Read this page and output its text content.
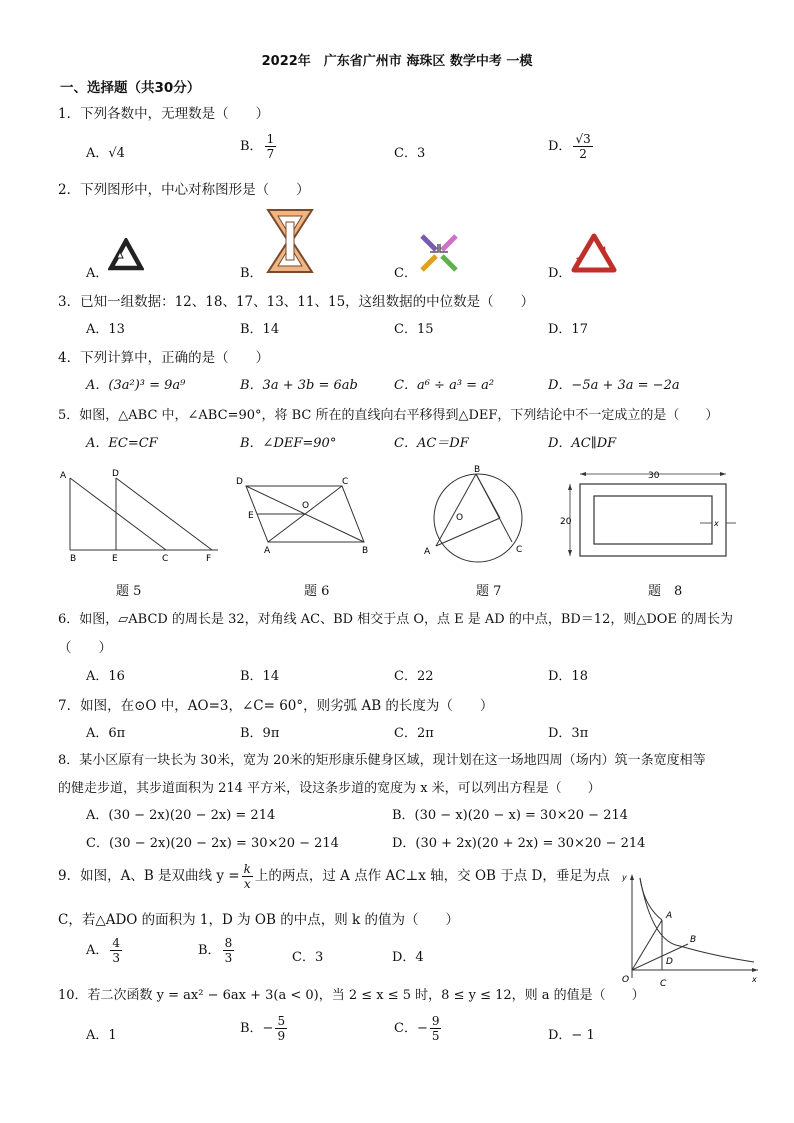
2022年　广东省广州市 海珠区 数学中考 一模
一、选择题（共30分）
1．下列各数中，无理数是（　　）
A．√4	B． $\frac{1}{7}$	C．3	D． $\frac{√3}{2}$
2．下列图形中，中心对称图形是（　　）
A．	B．	C．	D．
3．已知一组数据：12、18、17、13、11、15，这组数据的中位数是（　　）
A．13	B．14	C．15	D．17
4．下列计算中，正确的是（　　）
A．(3a²)³ = 9a⁹	B．3a + 3b = 6ab	C．a⁶ ÷ a³ = a²	D．−5a + 3a = −2a
5．如图，△ABC 中，∠ABC=90°，将 BC 所在的直线向右平移得到△DEF，下列结论中不一定成立的是（　　）
A．EC=CF	B．∠DEF=90°	C．AC＝DF	D．AC∥DF
A
B
D
E	C	F
D	C
E
O
A	B
B
O
A	C
30
20	x
题 5	题 6	题 7	题　8
6．如图，▱ABCD 的周长是 32，对角线 AC、BD 相交于点 O，点 E 是 AD 的中点，BD＝12，则△DOE 的周长为
（　　）
A．16	B．14	C．22	D．18
7．如图，在⊙O 中，AO=3，∠C= 60°，则劣弧 AB 的长度为（　　）
A．6π	B．9π	C．2π	D．3π
8．某小区原有一块长为 30米，宽为 20米的矩形康乐健身区域，现计划在这一场地四周（场内）筑一条宽度相等
的健走步道，其步道面积为 214 平方米，设这条步道的宽度为 x 米，可以列出方程是（　　）
A．(30 − 2x)(20 − 2x) = 214	B．(30 − x)(20 − x) = 30×20 − 214
C．(30 − 2x)(20 − 2x) = 30×20 − 214	D．(30 + 2x)(20 + 2x) = 30×20 − 214
9．如图，A、B 是双曲线 $y = \frac{k}{x}$ 上的两点，过 A 点作 AC⊥x 轴，交 OB 于点 D，垂足为点
C，若△ADO 的面积为 1，D 为 OB 的中点，则 k 的值为（　　）
A． $\frac{4}{3}$	B． $\frac{8}{3}$	C．3	D．4
y
x
O
A
B
D
C
10．若二次函数 y = ax² − 6ax + 3(a < 0)，当 2 ≤ x ≤ 5 时，8 ≤ y ≤ 12，则 a 的值是（　　）
A．1	B．− $\frac{5}{9}$	C．− $\frac{9}{5}$	D．− 1
